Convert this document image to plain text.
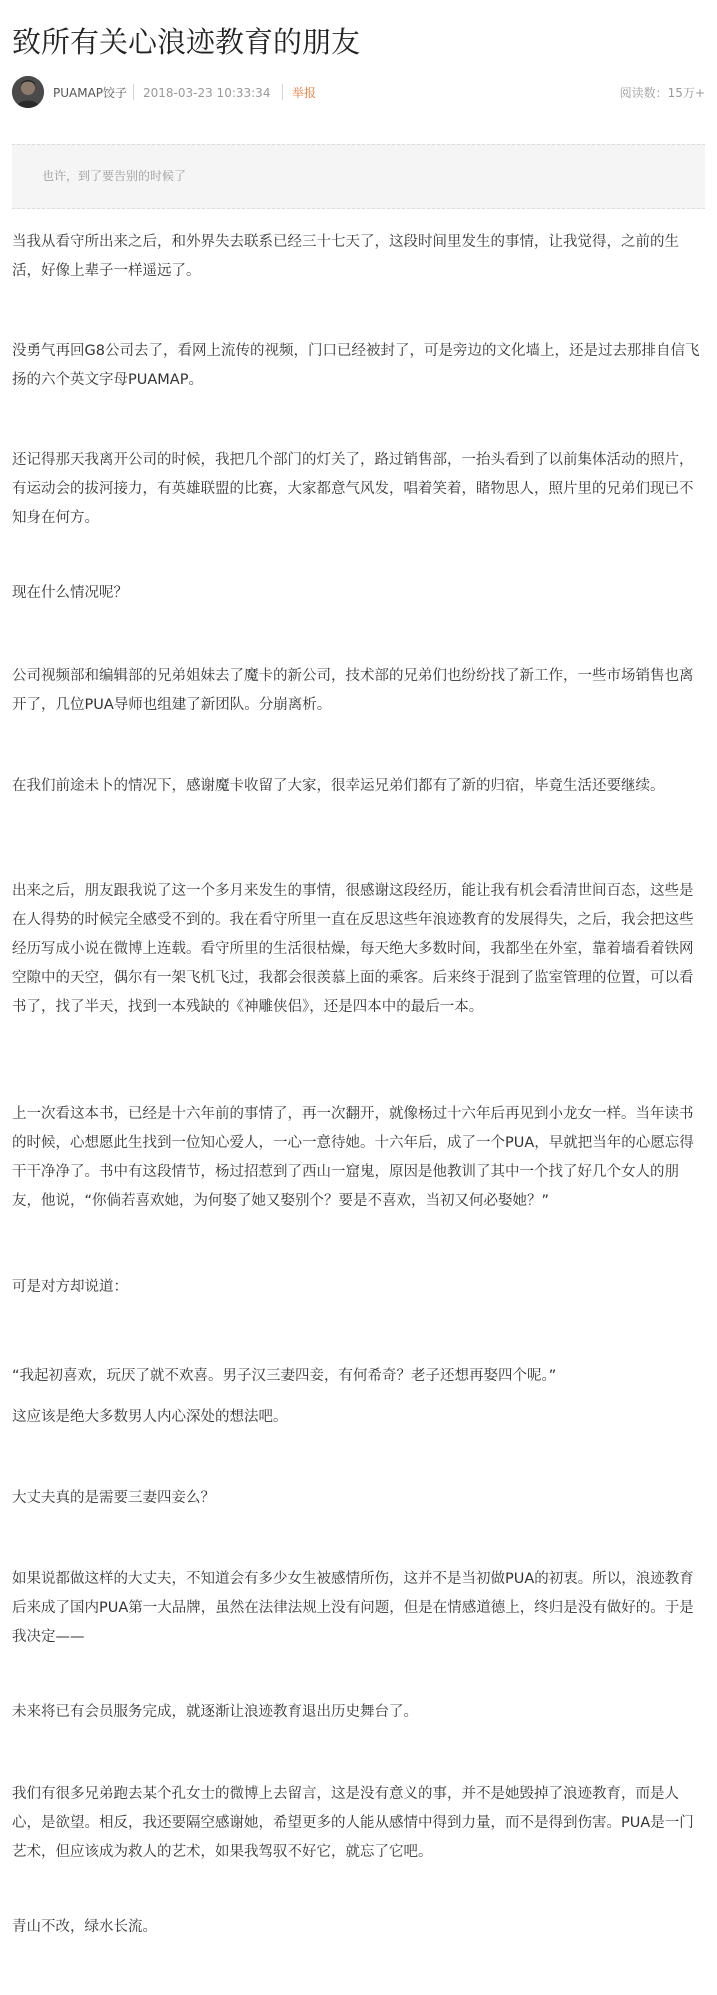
致所有关心浪迹教育的朋友
PUAMAP饺子 2018-03-23 10:33:34 举报	阅读数：15万+
也许，到了要告别的时候了

当我从看守所出来之后，和外界失去联系已经三十七天了，这段时间里发生的事情，让我觉得，之前的生活，好像上辈子一样遥远了。

没勇气再回G8公司去了，看网上流传的视频，门口已经被封了，可是旁边的文化墙上，还是过去那排自信飞扬的六个英文字母PUAMAP。

还记得那天我离开公司的时候，我把几个部门的灯关了，路过销售部，一抬头看到了以前集体活动的照片，有运动会的拔河接力，有英雄联盟的比赛，大家都意气风发，唱着笑着，睹物思人，照片里的兄弟们现已不知身在何方。

现在什么情况呢？

公司视频部和编辑部的兄弟姐妹去了魔卡的新公司，技术部的兄弟们也纷纷找了新工作，一些市场销售也离开了，几位PUA导师也组建了新团队。分崩离析。

在我们前途未卜的情况下，感谢魔卡收留了大家，很幸运兄弟们都有了新的归宿，毕竟生活还要继续。

出来之后，朋友跟我说了这一个多月来发生的事情，很感谢这段经历，能让我有机会看清世间百态，这些是在人得势的时候完全感受不到的。我在看守所里一直在反思这些年浪迹教育的发展得失，之后，我会把这些经历写成小说在微博上连载。看守所里的生活很枯燥，每天绝大多数时间，我都坐在外室，靠着墙看着铁网空隙中的天空，偶尔有一架飞机飞过，我都会很羡慕上面的乘客。后来终于混到了监室管理的位置，可以看书了，找了半天，找到一本残缺的《神雕侠侣》，还是四本中的最后一本。

上一次看这本书，已经是十六年前的事情了，再一次翻开，就像杨过十六年后再见到小龙女一样。当年读书的时候，心想愿此生找到一位知心爱人，一心一意待她。十六年后，成了一个PUA，早就把当年的心愿忘得干干净净了。书中有这段情节，杨过招惹到了西山一窟鬼，原因是他教训了其中一个找了好几个女人的朋友，他说，“你倘若喜欢她，为何娶了她又娶别个？要是不喜欢，当初又何必娶她？”

可是对方却说道：

“我起初喜欢，玩厌了就不欢喜。男子汉三妻四妾，有何希奇？老子还想再娶四个呢。”

这应该是绝大多数男人内心深处的想法吧。

大丈夫真的是需要三妻四妾么？

如果说都做这样的大丈夫，不知道会有多少女生被感情所伤，这并不是当初做PUA的初衷。所以，浪迹教育后来成了国内PUA第一大品牌，虽然在法律法规上没有问题，但是在情感道德上，终归是没有做好的。于是我决定——

未来将已有会员服务完成，就逐渐让浪迹教育退出历史舞台了。

我们有很多兄弟跑去某个孔女士的微博上去留言，这是没有意义的事，并不是她毁掉了浪迹教育，而是人心，是欲望。相反，我还要隔空感谢她，希望更多的人能从感情中得到力量，而不是得到伤害。PUA是一门艺术，但应该成为救人的艺术，如果我驾驭不好它，就忘了它吧。

青山不改，绿水长流。
